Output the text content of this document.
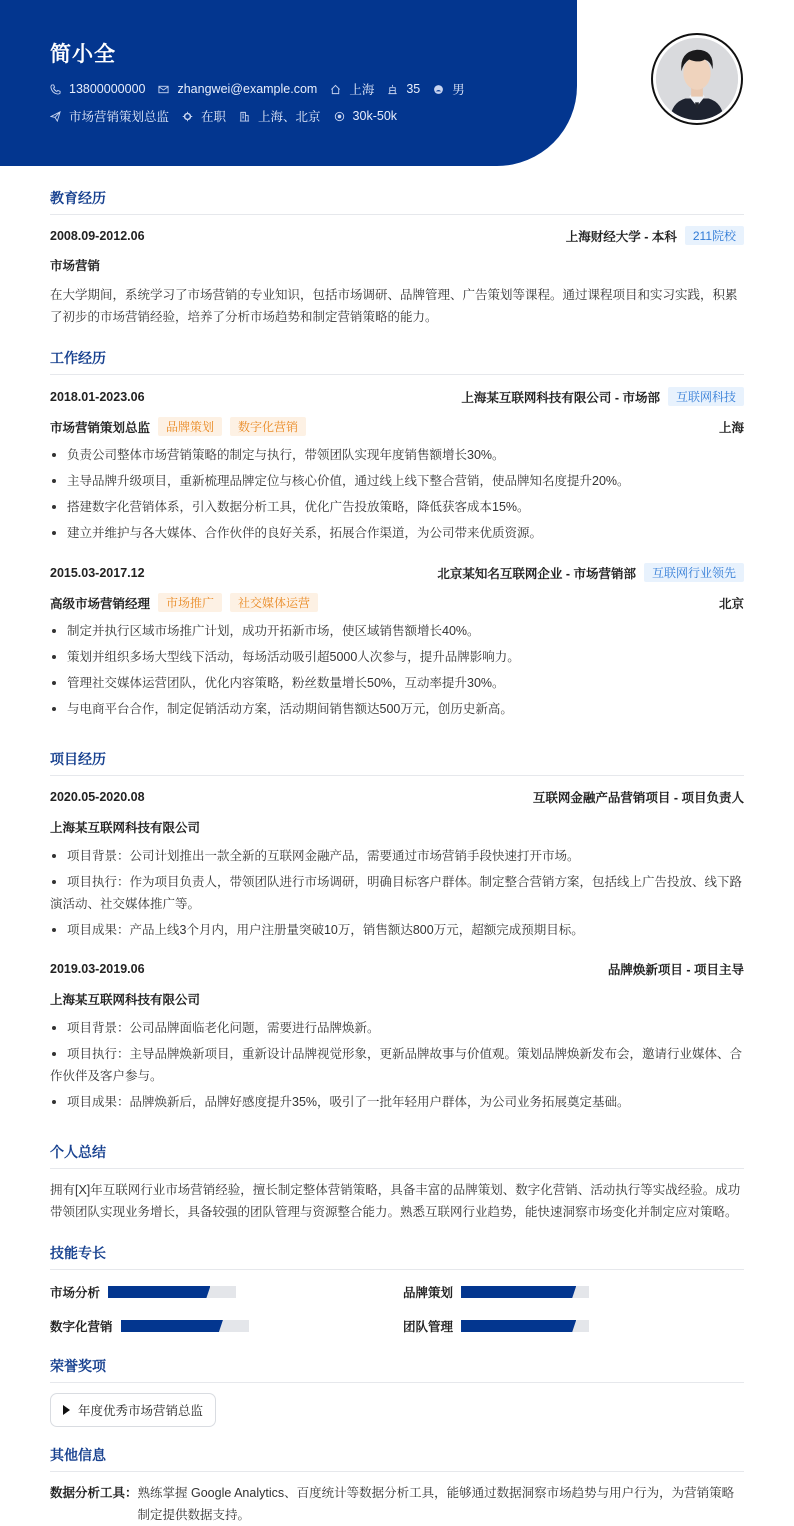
简小全
13800000000	zhangwei@example.com	上海	35	男
市场营销策划总监	在职	上海、北京	30k-50k
教育经历
2008.09-2012.06	上海财经大学 - 本科	211院校
市场营销
在大学期间，系统学习了市场营销的专业知识，包括市场调研、品牌管理、广告策划等课程。通过课程项目和实习实践，积累了初步的市场营销经验，培养了分析市场趋势和制定营销策略的能力。
工作经历
2018.01-2023.06	上海某互联网科技有限公司 - 市场部	互联网科技
市场营销策划总监	品牌策划	数字化营销	上海
负责公司整体市场营销策略的制定与执行，带领团队实现年度销售额增长30%。
主导品牌升级项目，重新梳理品牌定位与核心价值，通过线上线下整合营销，使品牌知名度提升20%。
搭建数字化营销体系，引入数据分析工具，优化广告投放策略，降低获客成本15%。
建立并维护与各大媒体、合作伙伴的良好关系，拓展合作渠道，为公司带来优质资源。
2015.03-2017.12	北京某知名互联网企业 - 市场营销部	互联网行业领先
高级市场营销经理	市场推广	社交媒体运营	北京
制定并执行区域市场推广计划，成功开拓新市场，使区域销售额增长40%。
策划并组织多场大型线下活动，每场活动吸引超5000人次参与，提升品牌影响力。
管理社交媒体运营团队，优化内容策略，粉丝数量增长50%，互动率提升30%。
与电商平台合作，制定促销活动方案，活动期间销售额达500万元，创历史新高。
项目经历
2020.05-2020.08	互联网金融产品营销项目 - 项目负责人
上海某互联网科技有限公司
项目背景：公司计划推出一款全新的互联网金融产品，需要通过市场营销手段快速打开市场。
项目执行：作为项目负责人，带领团队进行市场调研，明确目标客户群体。制定整合营销方案，包括线上广告投放、线下路演活动、社交媒体推广等。
项目成果：产品上线3个月内，用户注册量突破10万，销售额达800万元，超额完成预期目标。
2019.03-2019.06	品牌焕新项目 - 项目主导
上海某互联网科技有限公司
项目背景：公司品牌面临老化问题，需要进行品牌焕新。
项目执行：主导品牌焕新项目，重新设计品牌视觉形象，更新品牌故事与价值观。策划品牌焕新发布会，邀请行业媒体、合作伙伴及客户参与。
项目成果：品牌焕新后，品牌好感度提升35%，吸引了一批年轻用户群体，为公司业务拓展奠定基础。
个人总结
拥有[X]年互联网行业市场营销经验，擅长制定整体营销策略，具备丰富的品牌策划、数字化营销、活动执行等实战经验。成功带领团队实现业务增长，具备较强的团队管理与资源整合能力。熟悉互联网行业趋势，能快速洞察市场变化并制定应对策略。
技能专长
市场分析	品牌策划
数字化营销	团队管理
荣誉奖项
年度优秀市场营销总监
其他信息
数据分析工具： 熟练掌握 Google Analytics、百度统计等数据分析工具，能够通过数据洞察市场趋势与用户行为，为营销策略制定提供数据支持。
